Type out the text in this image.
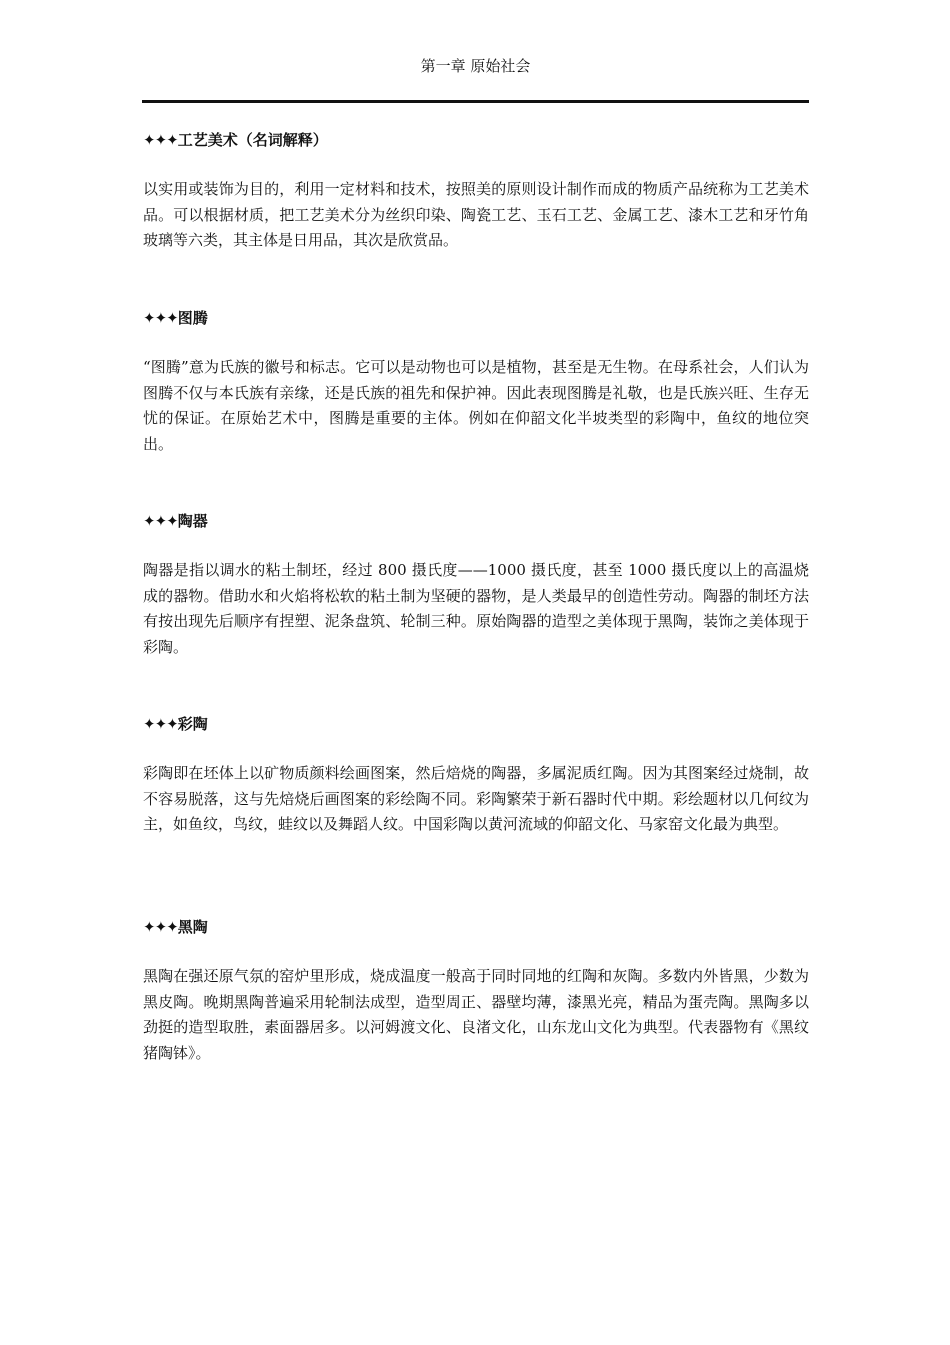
第一章 原始社会
✦✦✦工艺美术（名词解释）

以实用或装饰为目的，利用一定材料和技术，按照美的原则设计制作而成的物质产品统称为工艺美术品。可以根据材质，把工艺美术分为丝织印染、陶瓷工艺、玉石工艺、金属工艺、漆木工艺和牙竹角玻璃等六类，其主体是日用品，其次是欣赏品。

✦✦✦图腾

“图腾”意为氏族的徽号和标志。它可以是动物也可以是植物，甚至是无生物。在母系社会，人们认为图腾不仅与本氏族有亲缘，还是氏族的祖先和保护神。因此表现图腾是礼敬，也是氏族兴旺、生存无忧的保证。在原始艺术中，图腾是重要的主体。例如在仰韶文化半坡类型的彩陶中，鱼纹的地位突出。

✦✦✦陶器

陶器是指以调水的粘土制坯，经过 800 摄氏度——1000 摄氏度，甚至 1000 摄氏度以上的高温烧成的器物。借助水和火焰将松软的粘土制为坚硬的器物，是人类最早的创造性劳动。陶器的制坯方法有按出现先后顺序有捏塑、泥条盘筑、轮制三种。原始陶器的造型之美体现于黑陶，装饰之美体现于彩陶。

✦✦✦彩陶

彩陶即在坯体上以矿物质颜料绘画图案，然后焙烧的陶器，多属泥质红陶。因为其图案经过烧制，故不容易脱落，这与先焙烧后画图案的彩绘陶不同。彩陶繁荣于新石器时代中期。彩绘题材以几何纹为主，如鱼纹，鸟纹，蛙纹以及舞蹈人纹。中国彩陶以黄河流域的仰韶文化、马家窑文化最为典型。

✦✦✦黑陶

黑陶在强还原气氛的窑炉里形成，烧成温度一般高于同时同地的红陶和灰陶。多数内外皆黑，少数为黑皮陶。晚期黑陶普遍采用轮制法成型，造型周正、器壁均薄，漆黑光亮，精品为蛋壳陶。黑陶多以劲挺的造型取胜，素面器居多。以河姆渡文化、良渚文化，山东龙山文化为典型。代表器物有《黑纹猪陶钵》。
